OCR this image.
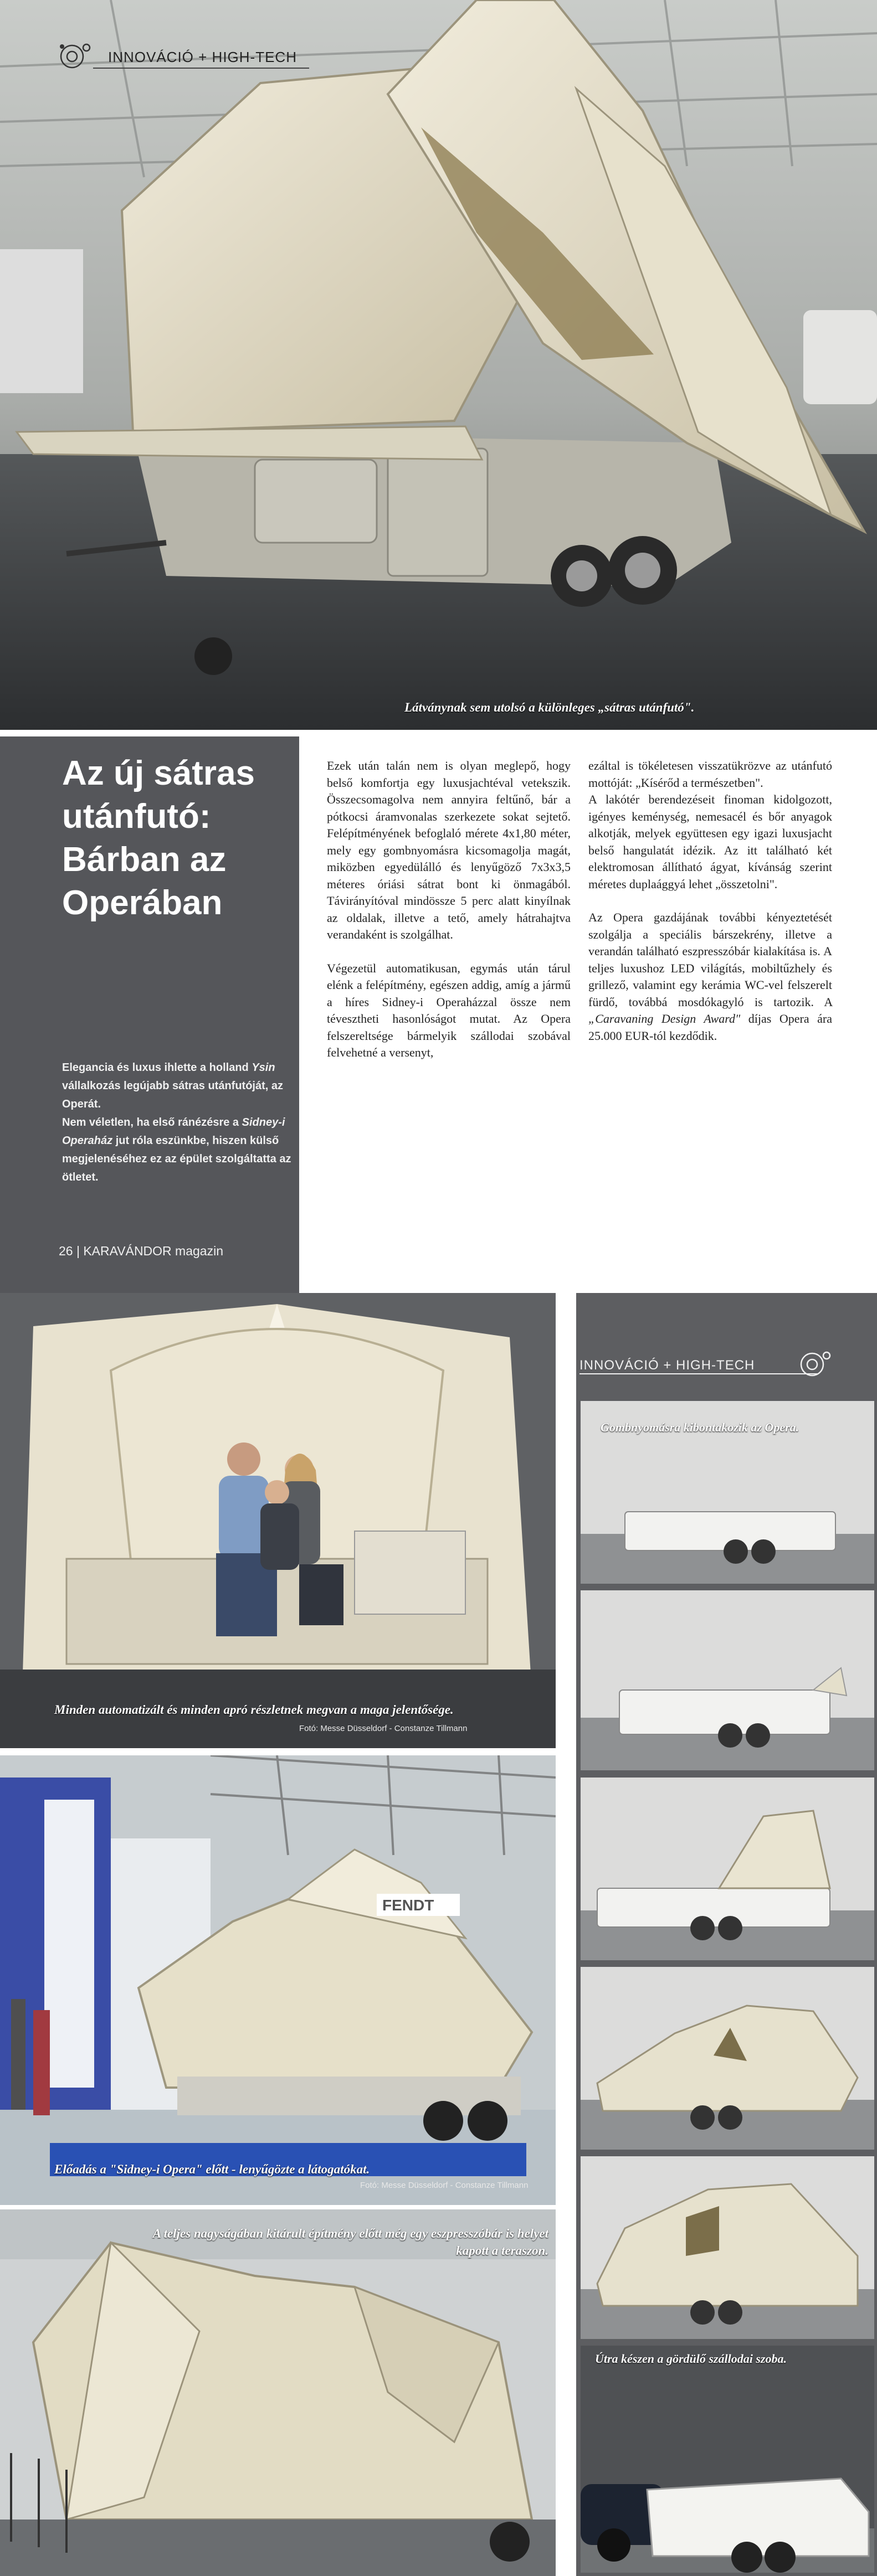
Látványnak sem utolsó a különleges „sátras utánfutó".
INNOVÁCIÓ + HIGH-TECH
Az új sátras utánfutó: Bárban az Operában
Elegancia és luxus ihlette a holland Ysin vállalkozás legújabb sátras utánfutóját, az Operát.
Nem véletlen, ha első ránézésre a Sidney-i Operaház jut róla eszünkbe, hiszen külső megjelenéséhez ez az épület szolgáltatta az ötletet.
26 | KARAVÁNDOR magazin

Ezek után talán nem is olyan meglepő, hogy belső komfortja egy luxusjachtéval vetekszik. Összecsomagolva nem annyira feltűnő, bár a pótkocsi áramvonalas szerkezete sokat sejtető. Felépítményének befoglaló mérete 4x1,80 méter, mely egy gombnyomásra kicsomagolja magát, miközben egyedülálló és lenyűgöző 7x3x3,5 méteres óriási sátrat bont ki önmagából. Távirányítóval mindössze 5 perc alatt kinyílnak az oldalak, illetve a tető, amely hátrahajtva verandaként is szolgálhat.

Végezetül automatikusan, egymás után tárul elénk a felépítmény, egészen addig, amíg a jármű a híres Sidney-i Operaházzal össze nem tévesztheti hasonlóságot mutat. Az Opera felszereltsége bármelyik szállodai szobával felvehetné a versenyt,

ezáltal is tökéletesen visszatükrözve az utánfutó mottóját: „Kísérőd a természetben".

A lakótér berendezéseit finoman kidolgozott, igényes keménység, nemesacél és bőr anyagok alkotják, melyek együttesen egy igazi luxusjacht belső hangulatát idézik. Az itt található két elektromosan állítható ágyat, kívánság szerint méretes duplaággyá lehet „összetolni".

Az Opera gazdájának további kényeztetését szolgálja a speciális bárszekrény, illetve a verandán található eszpresszóbár kialakítása is. A teljes luxushoz LED világítás, mobiltűzhely és grillező, valamint egy kerámia WC-vel felszerelt fürdő, továbbá mosdókagyló is tartozik. A „Caravaning Design Award" díjas Opera ára 25.000 EUR-tól kezdődik.

Minden automatizált és minden apró részletnek megvan a maga jelentősége.
Fotó: Messe Düsseldorf - Constanze Tillmann
FENDT
Előadás a "Sidney-i Opera" előtt - lenyűgözte a látogatókat.
Fotó: Messe Düsseldorf - Constanze Tillmann
A teljes nagyságában kitárult építmény előtt még egy eszpresszóbár is helyet kapott a teraszon.
INNOVÁCIÓ + HIGH-TECH
Gombnyomásra kibontakozik az Opera.
Útra készen a gördülő szállodai szoba.
